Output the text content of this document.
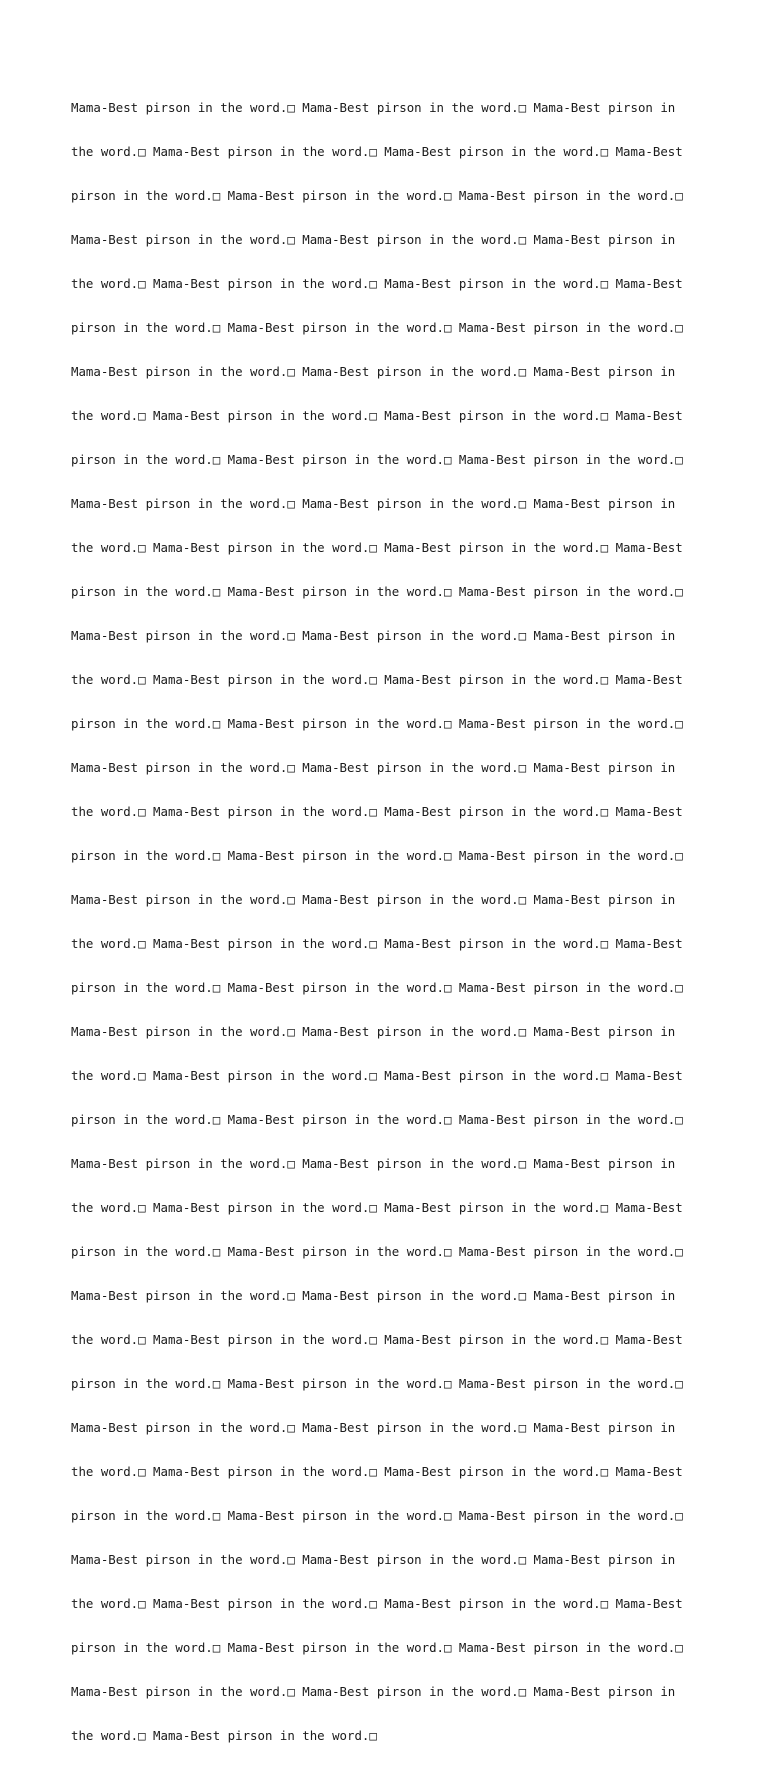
Mama-Best pirson in the word.□ Mama-Best pirson in the word.□ Mama-Best pirson in

the word.□ Mama-Best pirson in the word.□ Mama-Best pirson in the word.□ Mama-Best

pirson in the word.□ Mama-Best pirson in the word.□ Mama-Best pirson in the word.□

Mama-Best pirson in the word.□ Mama-Best pirson in the word.□ Mama-Best pirson in

the word.□ Mama-Best pirson in the word.□ Mama-Best pirson in the word.□ Mama-Best

pirson in the word.□ Mama-Best pirson in the word.□ Mama-Best pirson in the word.□

Mama-Best pirson in the word.□ Mama-Best pirson in the word.□ Mama-Best pirson in

the word.□ Mama-Best pirson in the word.□ Mama-Best pirson in the word.□ Mama-Best

pirson in the word.□ Mama-Best pirson in the word.□ Mama-Best pirson in the word.□

Mama-Best pirson in the word.□ Mama-Best pirson in the word.□ Mama-Best pirson in

the word.□ Mama-Best pirson in the word.□ Mama-Best pirson in the word.□ Mama-Best

pirson in the word.□ Mama-Best pirson in the word.□ Mama-Best pirson in the word.□

Mama-Best pirson in the word.□ Mama-Best pirson in the word.□ Mama-Best pirson in

the word.□ Mama-Best pirson in the word.□ Mama-Best pirson in the word.□ Mama-Best

pirson in the word.□ Mama-Best pirson in the word.□ Mama-Best pirson in the word.□

Mama-Best pirson in the word.□ Mama-Best pirson in the word.□ Mama-Best pirson in

the word.□ Mama-Best pirson in the word.□ Mama-Best pirson in the word.□ Mama-Best

pirson in the word.□ Mama-Best pirson in the word.□ Mama-Best pirson in the word.□

Mama-Best pirson in the word.□ Mama-Best pirson in the word.□ Mama-Best pirson in

the word.□ Mama-Best pirson in the word.□ Mama-Best pirson in the word.□ Mama-Best

pirson in the word.□ Mama-Best pirson in the word.□ Mama-Best pirson in the word.□

Mama-Best pirson in the word.□ Mama-Best pirson in the word.□ Mama-Best pirson in

the word.□ Mama-Best pirson in the word.□ Mama-Best pirson in the word.□ Mama-Best

pirson in the word.□ Mama-Best pirson in the word.□ Mama-Best pirson in the word.□

Mama-Best pirson in the word.□ Mama-Best pirson in the word.□ Mama-Best pirson in

the word.□ Mama-Best pirson in the word.□ Mama-Best pirson in the word.□ Mama-Best

pirson in the word.□ Mama-Best pirson in the word.□ Mama-Best pirson in the word.□

Mama-Best pirson in the word.□ Mama-Best pirson in the word.□ Mama-Best pirson in

the word.□ Mama-Best pirson in the word.□ Mama-Best pirson in the word.□ Mama-Best

pirson in the word.□ Mama-Best pirson in the word.□ Mama-Best pirson in the word.□

Mama-Best pirson in the word.□ Mama-Best pirson in the word.□ Mama-Best pirson in

the word.□ Mama-Best pirson in the word.□ Mama-Best pirson in the word.□ Mama-Best

pirson in the word.□ Mama-Best pirson in the word.□ Mama-Best pirson in the word.□

Mama-Best pirson in the word.□ Mama-Best pirson in the word.□ Mama-Best pirson in

the word.□ Mama-Best pirson in the word.□ Mama-Best pirson in the word.□ Mama-Best

pirson in the word.□ Mama-Best pirson in the word.□ Mama-Best pirson in the word.□

Mama-Best pirson in the word.□ Mama-Best pirson in the word.□ Mama-Best pirson in

the word.□ Mama-Best pirson in the word.□
